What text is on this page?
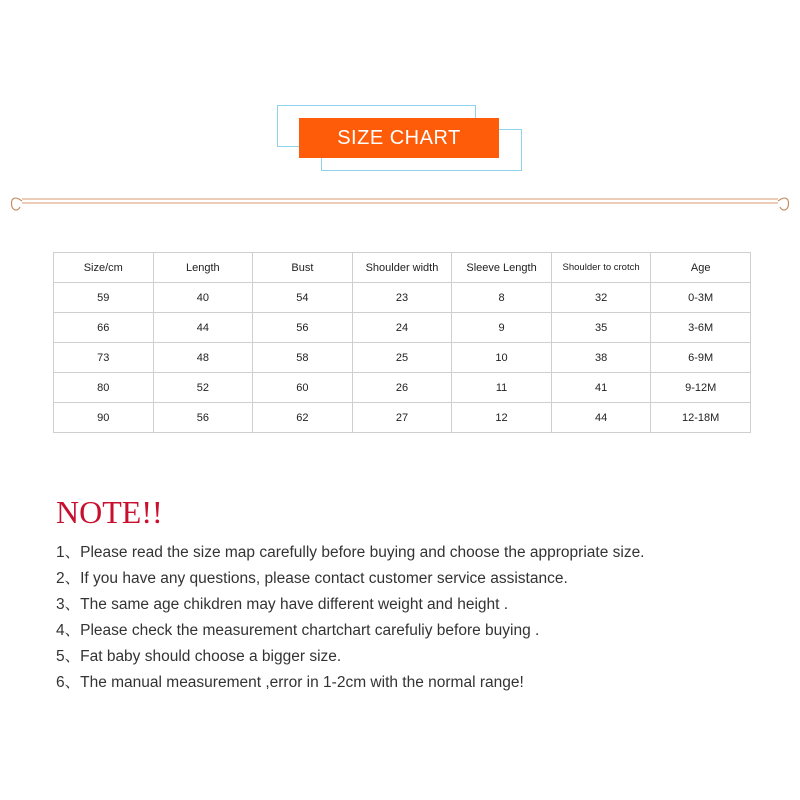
SIZE CHART
Size/cm	Length	Bust	Shoulder width	Sleeve Length	Shoulder to crotch	Age
59	40	54	23	8	32	0-3M
66	44	56	24	9	35	3-6M
73	48	58	25	10	38	6-9M
80	52	60	26	11	41	9-12M
90	56	62	27	12	44	12-18M
NOTE!!
1、Please read the size map carefully before buying and choose the appropriate size.
2、If you have any questions, please contact customer service assistance.
3、The same age chikdren may have different weight and height .
4、Please check the measurement chartchart carefuliy before buying .
5、Fat baby should choose a bigger size.
6、The manual measurement ,error in 1-2cm with the normal range!
